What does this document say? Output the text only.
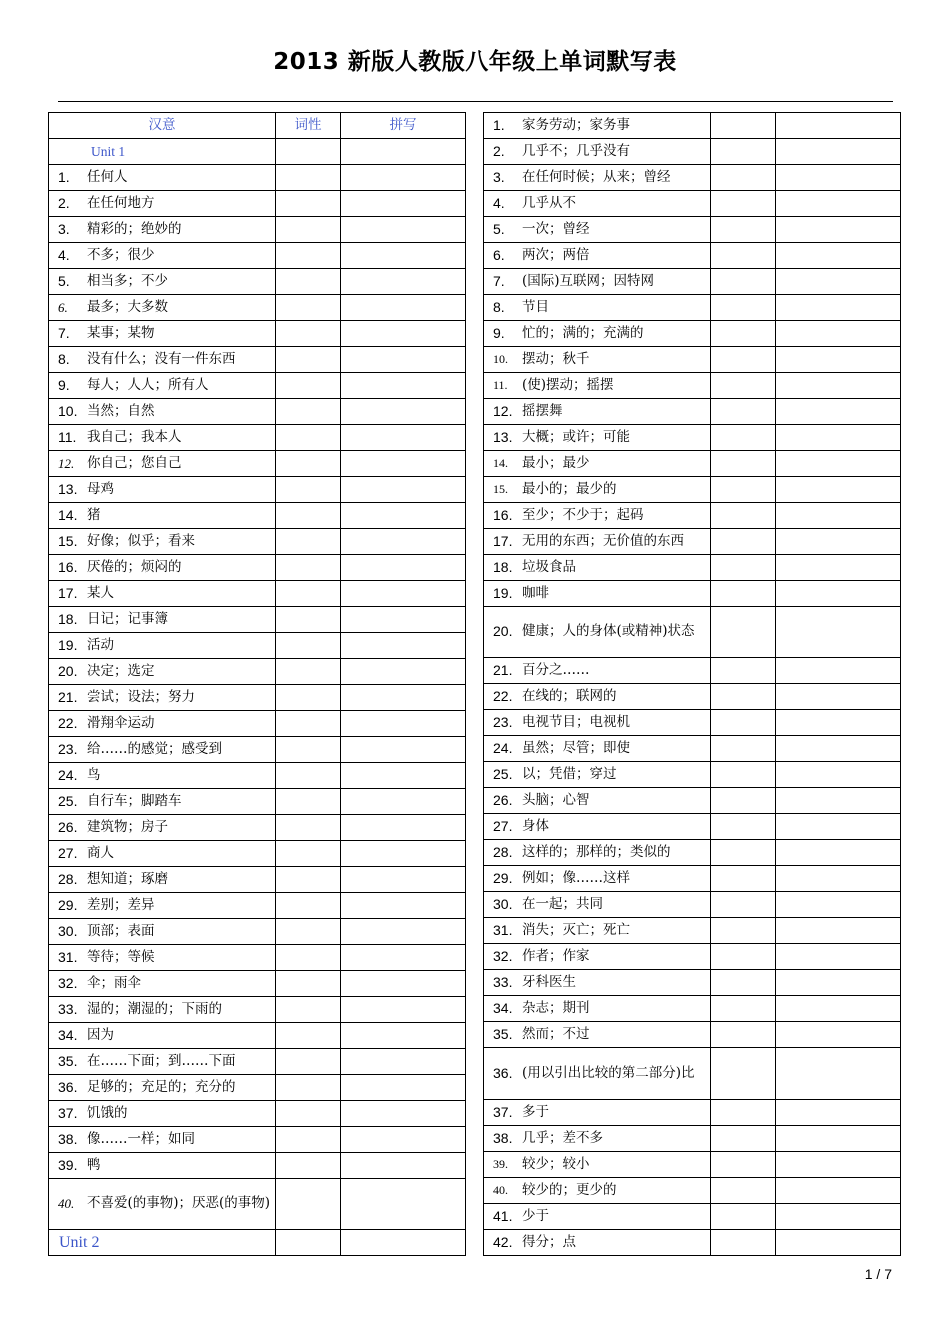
2013 新版人教版八年级上单词默写表
汉意	词性	拼写
Unit 1		

1. 任何人		

2. 在任何地方		

3. 精彩的；绝妙的		

4. 不多；很少		

5. 相当多；不少		

6. 最多；大多数		

7. 某事；某物		

8. 没有什么；没有一件东西		

9. 每人；人人；所有人		

10. 当然；自然		

11. 我自己；我本人		

12. 你自己；您自己		

13. 母鸡		

14. 猪		

15. 好像；似乎；看来		

16. 厌倦的；烦闷的		

17. 某人		

18. 日记；记事簿		

19. 活动		

20. 决定；选定		

21. 尝试；设法；努力		

22. 滑翔伞运动		

23. 给……的感觉；感受到		

24. 鸟		

25. 自行车；脚踏车		

26. 建筑物；房子		

27. 商人		

28. 想知道；琢磨		

29. 差别；差异		

30. 顶部；表面		

31. 等待；等候		

32. 伞；雨伞		

33. 湿的；潮湿的；下雨的		

34. 因为		

35. 在……下面；到……下面		

36. 足够的；充足的；充分的		

37. 饥饿的		

38. 像……一样；如同		

39. 鸭		

40. 不喜爱(的事物)；厌恶(的事物)		

Unit 2		
1. 家务劳动；家务事		

2. 几乎不；几乎没有		

3. 在任何时候；从来；曾经		

4. 几乎从不		

5. 一次；曾经		

6. 两次；两倍		

7. (国际)互联网；因特网		

8. 节目		

9. 忙的；满的；充满的		

10. 摆动；秋千		

11. (使)摆动；摇摆		

12. 摇摆舞		

13. 大概；或许；可能		

14. 最小；最少		

15. 最小的；最少的		

16. 至少；不少于；起码		

17. 无用的东西；无价值的东西		

18. 垃圾食品		

19. 咖啡		

20. 健康；人的身体(或精神)状态		

21. 百分之……		

22. 在线的；联网的		

23. 电视节目；电视机		

24. 虽然；尽管；即使		

25. 以；凭借；穿过		

26. 头脑；心智		

27. 身体		

28. 这样的；那样的；类似的		

29. 例如；像……这样		

30. 在一起；共同		

31. 消失；灭亡；死亡		

32. 作者；作家		

33. 牙科医生		

34. 杂志；期刊		

35. 然而；不过		

36. (用以引出比较的第二部分)比		

37. 多于		

38. 几乎；差不多		

39. 较少；较小		

40. 较少的；更少的		

41. 少于		

42. 得分；点		

1 / 7
